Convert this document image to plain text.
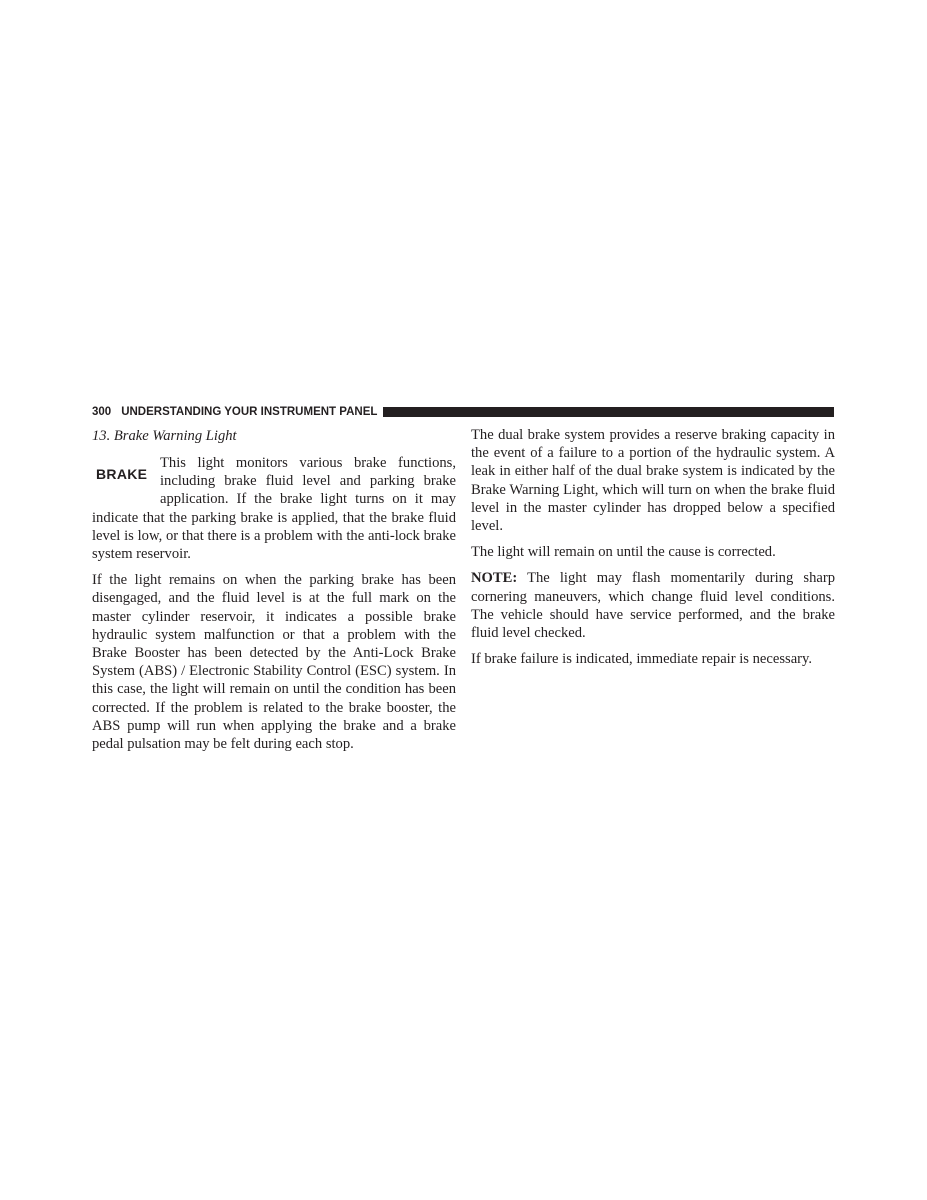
300 UNDERSTANDING YOUR INSTRUMENT PANEL
13. Brake Warning Light

BRAKE
This light monitors various brake functions, including brake fluid level and parking brake application. If the brake light turns on it may indicate that the parking brake is applied, that the brake fluid level is low, or that there is a problem with the anti-lock brake system reservoir.

If the light remains on when the parking brake has been disengaged, and the fluid level is at the full mark on the master cylinder reservoir, it indicates a possible brake hydraulic system malfunction or that a problem with the Brake Booster has been detected by the Anti-Lock Brake System (ABS) / Electronic Stability Control (ESC) system. In this case, the light will remain on until the condition has been corrected. If the problem is related to the brake booster, the ABS pump will run when applying the brake and a brake pedal pulsation may be felt during each stop.

The dual brake system provides a reserve braking capacity in the event of a failure to a portion of the hydraulic system. A leak in either half of the dual brake system is indicated by the Brake Warning Light, which will turn on when the brake fluid level in the master cylinder has dropped below a specified level.

The light will remain on until the cause is corrected.

NOTE: The light may flash momentarily during sharp cornering maneuvers, which change fluid level conditions. The vehicle should have service performed, and the brake fluid level checked.

If brake failure is indicated, immediate repair is necessary.
